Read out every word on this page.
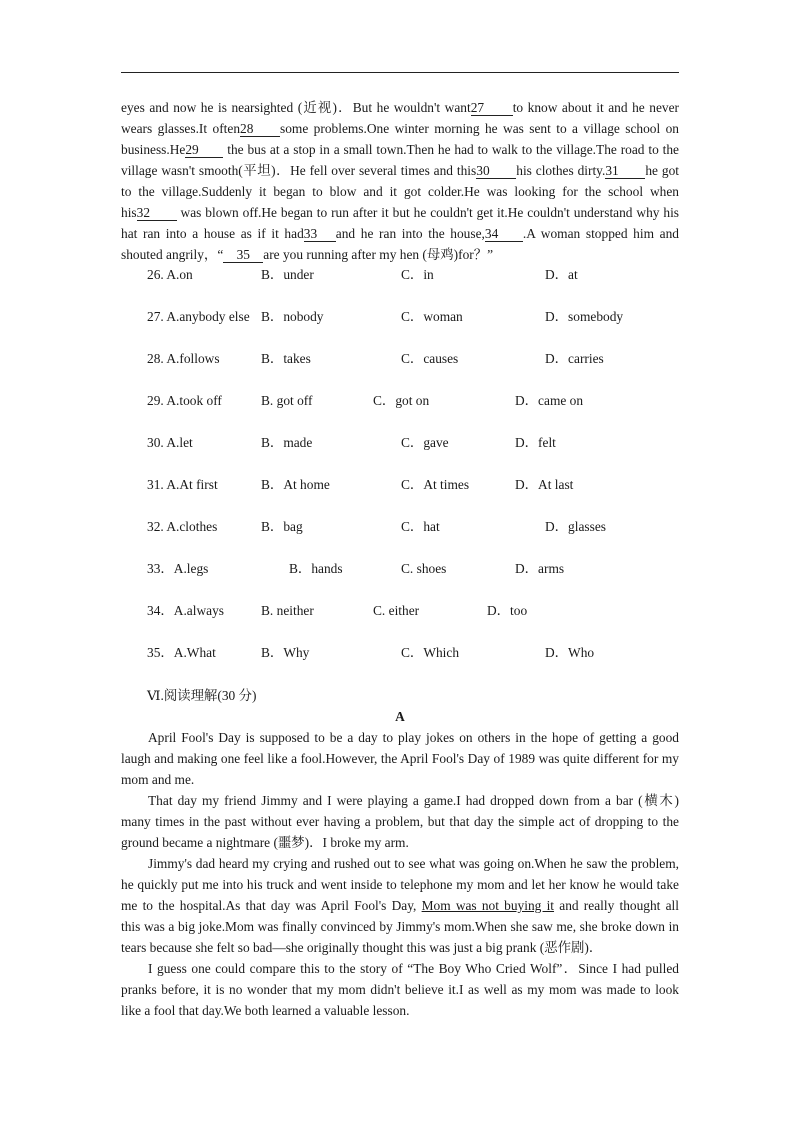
eyes and now he is nearsighted (近视)．But he wouldn't want27 to know about it and he never
wears glasses.It often28 some problems.One winter morning he was sent to a village school on
business.He29 the bus at a stop in a small town.Then he had to walk to the village.The road to the
village wasn't smooth(平坦)．He fell over several times and this30 his clothes dirty.31 he got
to the village.Suddenly it began to blow and it got colder.He was looking for the school when
his32 was blown off.He began to run after it but he couldn't get it.He couldn't understand why his
hat ran into a house as if it had33 and he ran into the house,34 .A woman stopped him and
shouted angrily，“ 35 are you running after my hen (母鸡)for？”
26. A.on	B．under	C．in	D．at
27. A.anybody else B．nobody	C．woman	D．somebody
28. A.follows	B．takes	C．causes	D．carries
29. A.took off	B. got off	C．got on	D．came on
30. A.let	B．made	C．gave	D．felt
31. A.At first	B．At home	C．At times	D．At last
32. A.clothes	B．bag	C．hat	D．glasses
33．A.legs	B．hands	C. shoes	D．arms
34．A.always	B. neither	C. either	D．too
35．A.What	B．Why	C．Which	D．Who
Ⅵ.阅读理解(30 分)
A
April Fool's Day is supposed to be a day to play jokes on others in the hope of getting a good
laugh and making one feel like a fool.However, the April Fool's Day of 1989 was quite different for my
mom and me.
That day my friend Jimmy and I were playing a game.I had dropped down from a bar (横木)
many times in the past without ever having a problem, but that day the simple act of dropping to the
ground became a nightmare (噩梦)．I broke my arm.
Jimmy's dad heard my crying and rushed out to see what was going on.When he saw the problem,
he quickly put me into his truck and went inside to telephone my mom and let her know he would take
me to the hospital.As that day was April Fool's Day, Mom was not buying it and really thought all
this was a big joke.Mom was finally convinced by Jimmy's mom.When she saw me, she broke down in
tears because she felt so bad—she originally thought this was just a big prank (恶作剧)．
I guess one could compare this to the story of “The Boy Who Cried Wolf”．Since I had pulled
pranks before, it is no wonder that my mom didn't believe it.I as well as my mom was made to look
like a fool that day.We both learned a valuable lesson.
